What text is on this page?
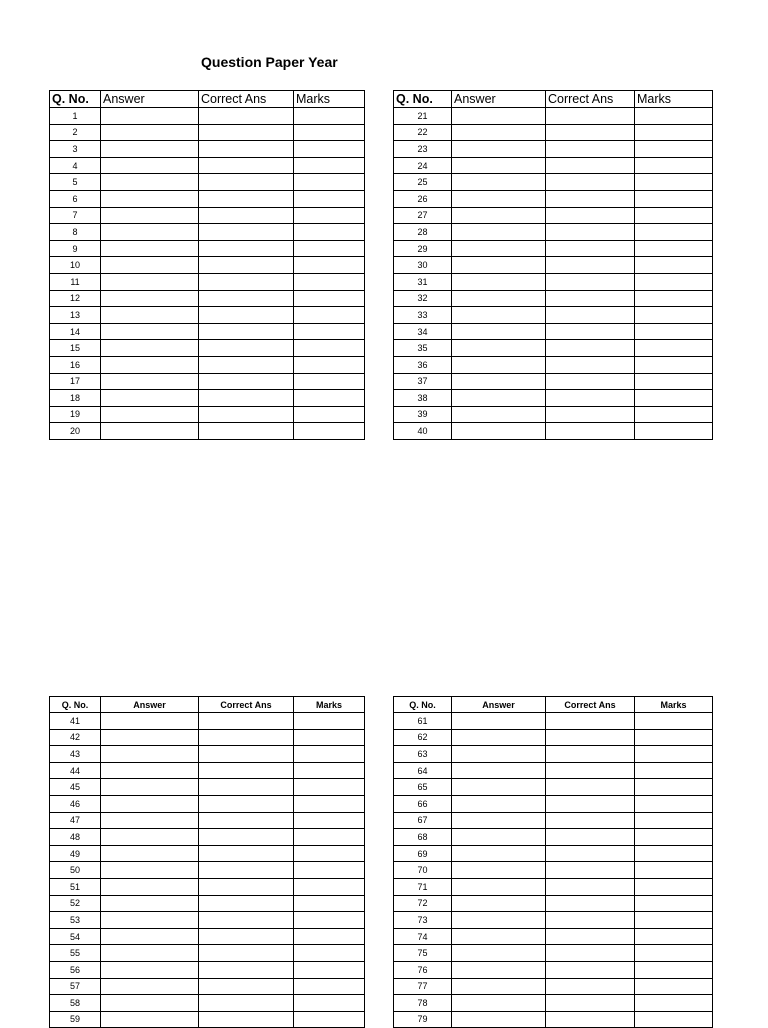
Question Paper Year
Q. No.	Answer	Correct Ans	Marks
1			
2			
3			
4			
5			
6			
7			
8			
9			
10			
11			
12			
13			
14			
15			
16			
17			
18			
19			
20			
Q. No.	Answer	Correct Ans	Marks
21			
22			
23			
24			
25			
26			
27			
28			
29			
30			
31			
32			
33			
34			
35			
36			
37			
38			
39			
40			
Q. No.	Answer	Correct Ans	Marks
41			
42			
43			
44			
45			
46			
47			
48			
49			
50			
51			
52			
53			
54			
55			
56			
57			
58			
59			
Q. No.	Answer	Correct Ans	Marks
61			
62			
63			
64			
65			
66			
67			
68			
69			
70			
71			
72			
73			
74			
75			
76			
77			
78			
79			
